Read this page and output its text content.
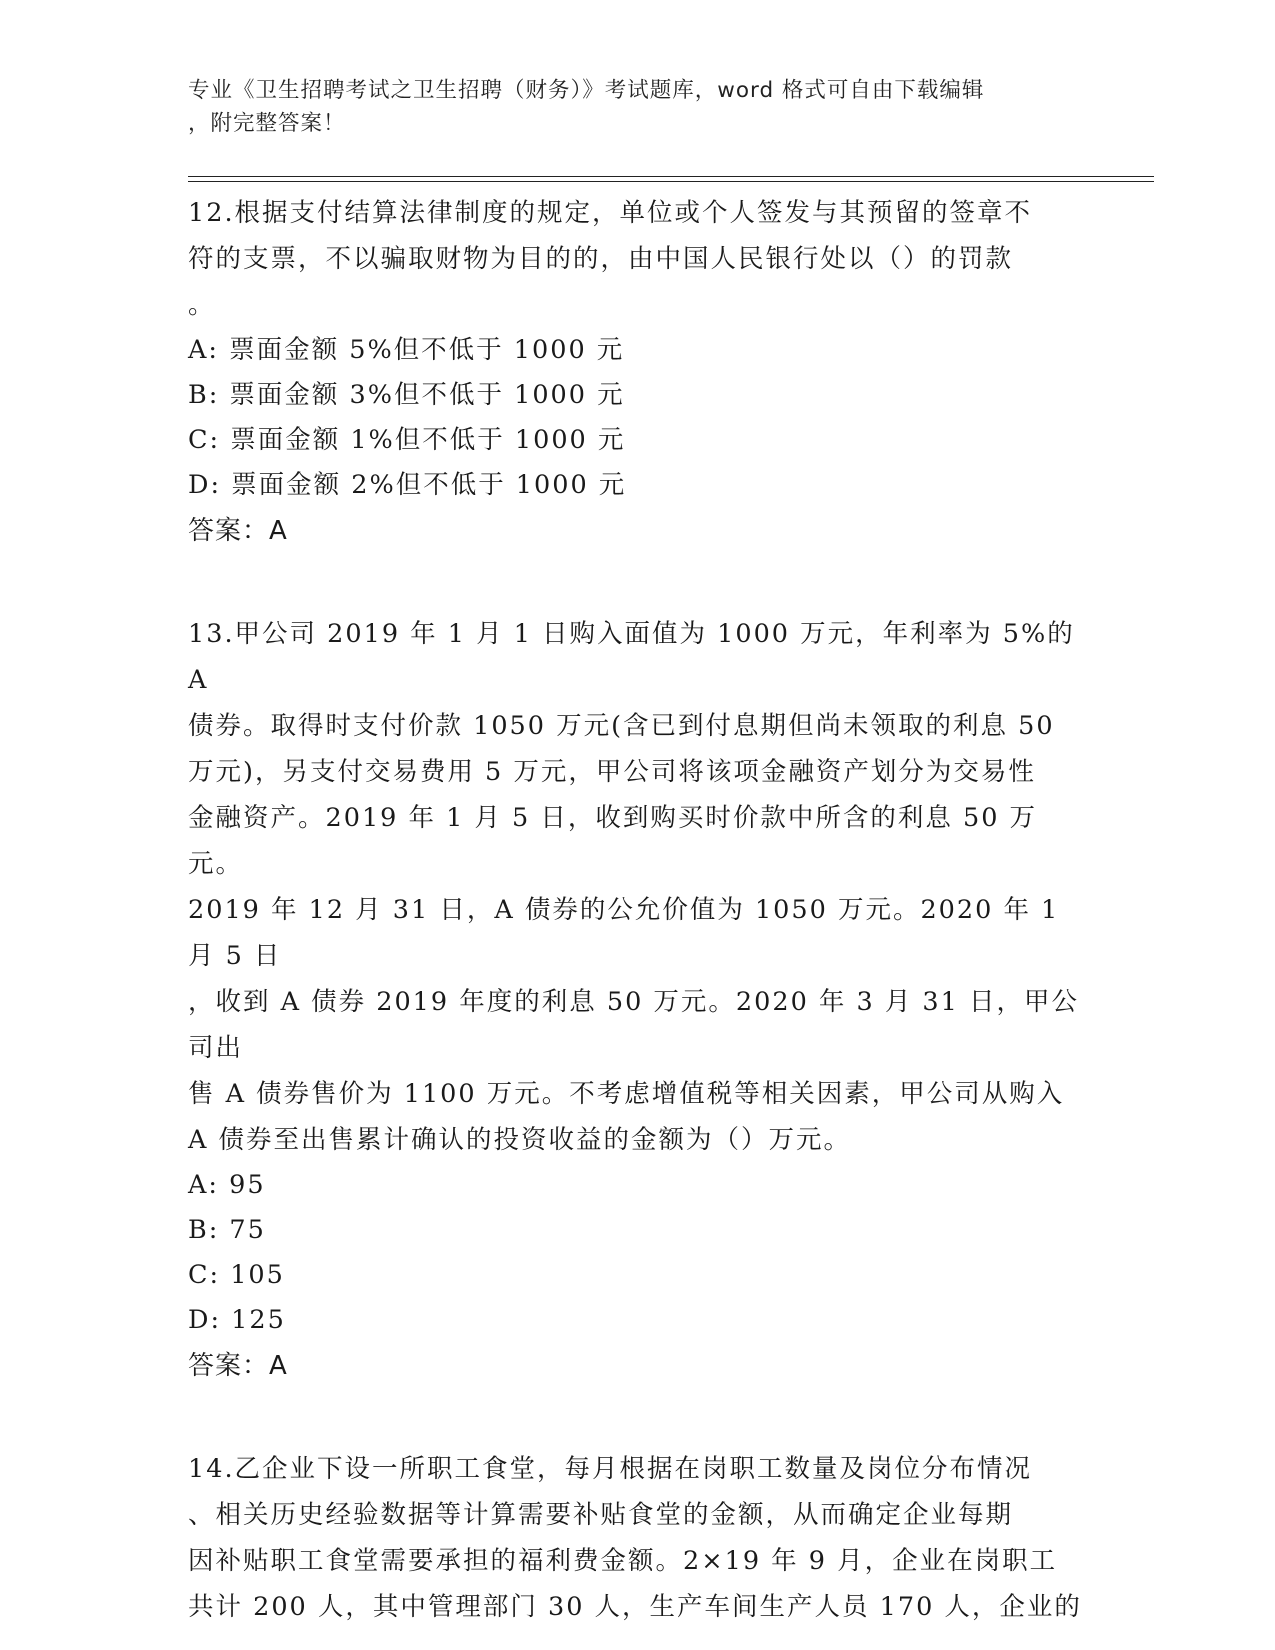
专业《卫生招聘考试之卫生招聘（财务）》考试题库，word 格式可自由下载编辑
，附完整答案！

12.根据支付结算法律制度的规定，单位或个人签发与其预留的签章不
符的支票，不以骗取财物为目的的，由中国人民银行处以（）的罚款
。

A: 票面金额 5%但不低于 1000 元
B: 票面金额 3%但不低于 1000 元
C: 票面金额 1%但不低于 1000 元
D: 票面金额 2%但不低于 1000 元
答案：A

13.甲公司 2019 年 1 月 1 日购入面值为 1000 万元，年利率为 5%的 A
债券。取得时支付价款 1050 万元(含已到付息期但尚未领取的利息 50
万元)，另支付交易费用 5 万元，甲公司将该项金融资产划分为交易性
金融资产。2019 年 1 月 5 日，收到购买时价款中所含的利息 50 万元。
2019 年 12 月 31 日，A 债券的公允价值为 1050 万元。2020 年 1 月 5 日
，收到 A 债券 2019 年度的利息 50 万元。2020 年 3 月 31 日，甲公司出
售 A 债券售价为 1100 万元。不考虑增值税等相关因素，甲公司从购入
A 债券至出售累计确认的投资收益的金额为（）万元。

A: 95
B: 75
C: 105
D: 125
答案：A

14.乙企业下设一所职工食堂，每月根据在岗职工数量及岗位分布情况
、相关历史经验数据等计算需要补贴食堂的金额，从而确定企业每期
因补贴职工食堂需要承担的福利费金额。2×19 年 9 月，企业在岗职工
共计 200 人，其中管理部门 30 人，生产车间生产人员 170 人，企业的
